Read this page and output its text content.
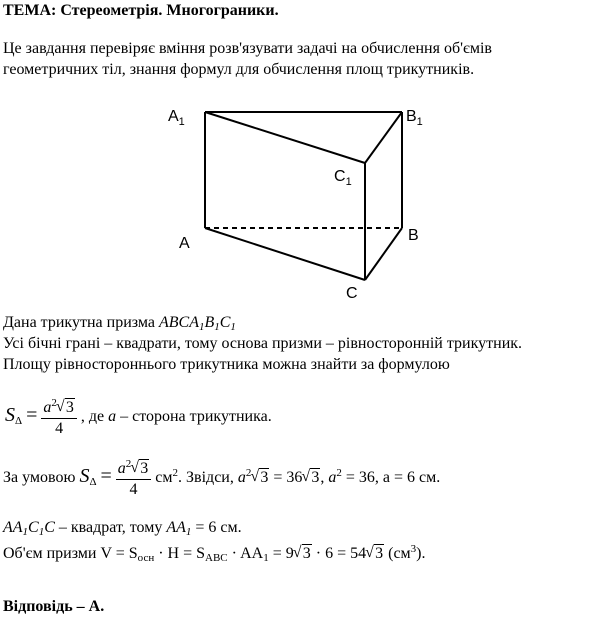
ТЕМА: Стереометрія. Многограники.
Це завдання перевіряє вміння розв'язувати задачі на обчислення об'ємів
геометричних тіл, знання формул для обчислення площ трикутників.
$A_1$	$B_1$
$C_1$
A	B
C
Дана трикутна призма $ABCA_1B_1C_1$
Усі бічні грані – квадрати, тому основа призми – рівносторонній трикутник.
Площу рівностороннього трикутника можна знайти за формулою
$S_\Delta = \frac{a^2√ 3}{4}$ , де a – сторона трикутника.
За умовою $S_\Delta = \frac{a^2√ 3}{4} см^2$. Звідси, $a^2√$ 3 = 36√ 3, $a^2 = 36$, а = 6 см.
$AA_1C_1C$ – квадрат, тому $AA_1 = 6$ см.
Об'єм призми $V = S_{осн} \cdot H = S_{ABC} \cdot AA_1 = 9√$ 3 · 6 = 54√ 3 $(см^3)$.
Відповідь – А.
